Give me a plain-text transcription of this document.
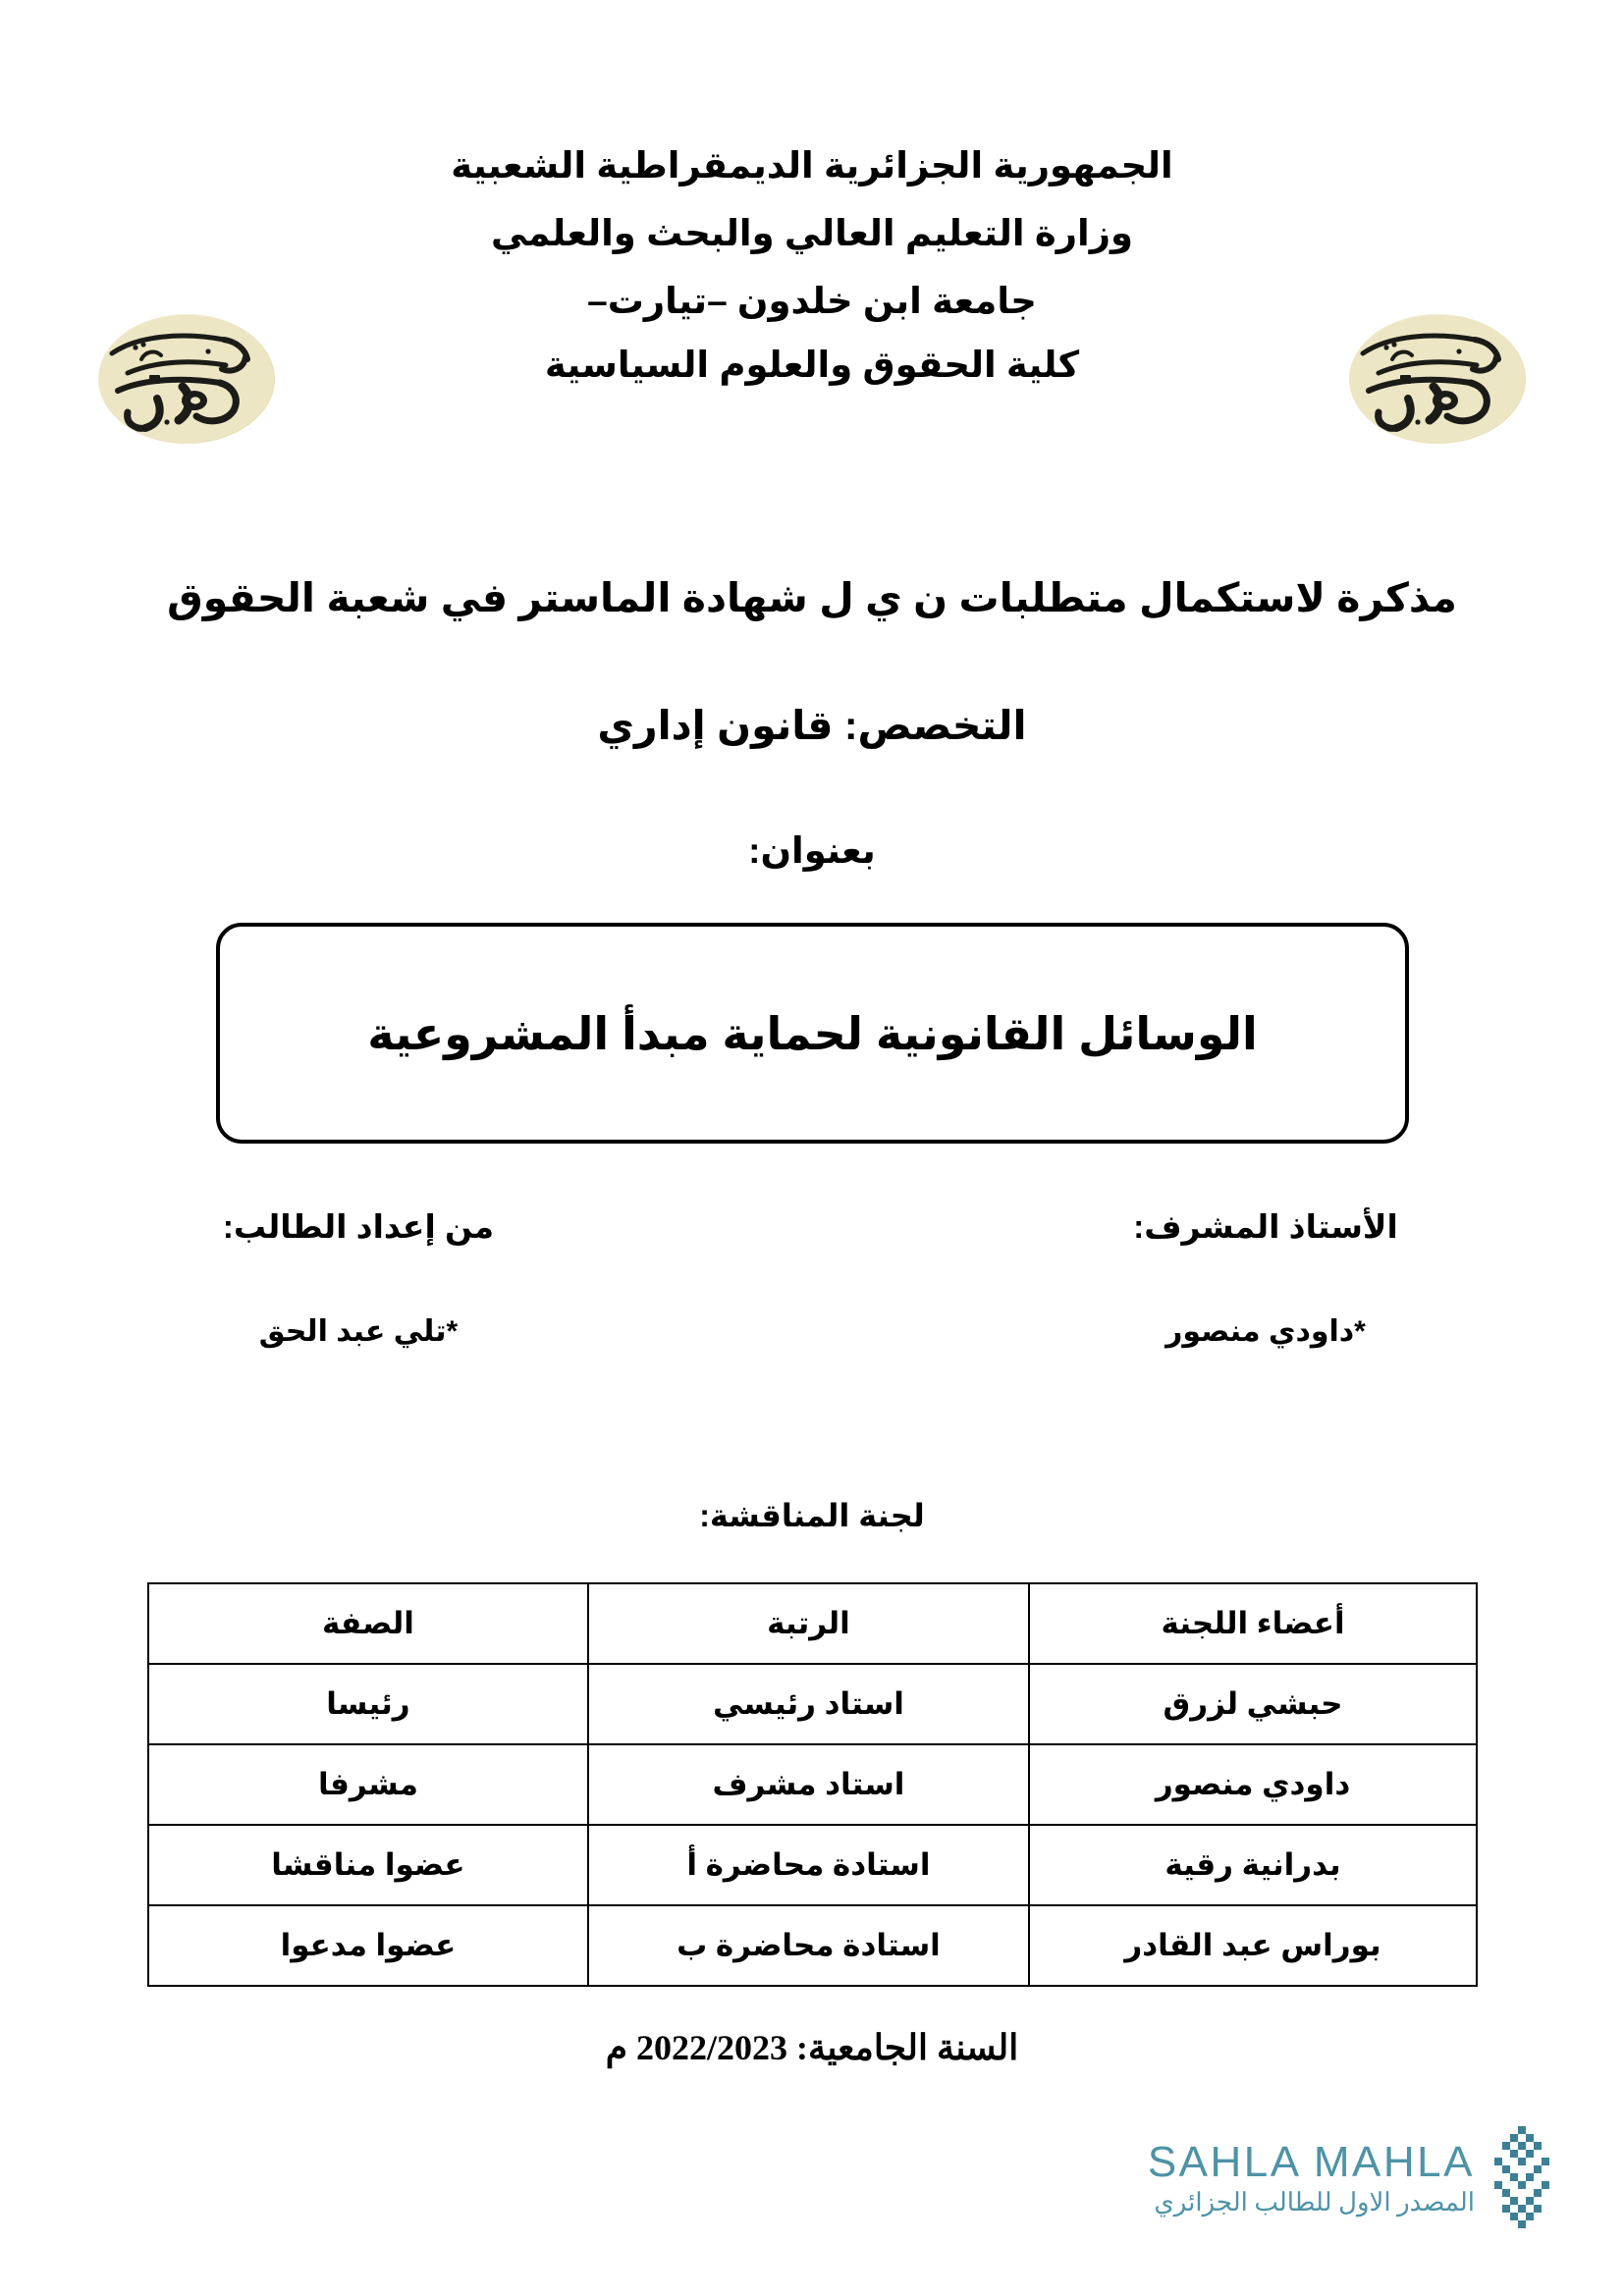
الجمهورية الجزائرية الديمقراطية الشعبية
وزارة التعليم العالي والبحث والعلمي
جامعة ابن خلدون –تيارت–
كلية الحقوق والعلوم السياسية
مذكرة لاستكمال متطلبات ن ي ل شهادة الماستر في شعبة الحقوق
التخصص: قانون إداري
بعنوان:
الوسائل القانونية لحماية مبدأ المشروعية
الأستاذ المشرف:
*داودي منصور
من إعداد الطالب:
*تلي عبد الحق
لجنة المناقشة:
أعضاء اللجنة	الرتبة	الصفة
حبشي لزرق	استاد رئيسي	رئيسا
داودي منصور	استاد مشرف	مشرفا
بدرانية رقية	استادة محاضرة أ	عضوا مناقشا
بوراس عبد القادر	استادة محاضرة ب	عضوا مدعوا
السنة الجامعية: 2022/2023 م
SAHLA MAHLA
المصدر الاول للطالب الجزائري
